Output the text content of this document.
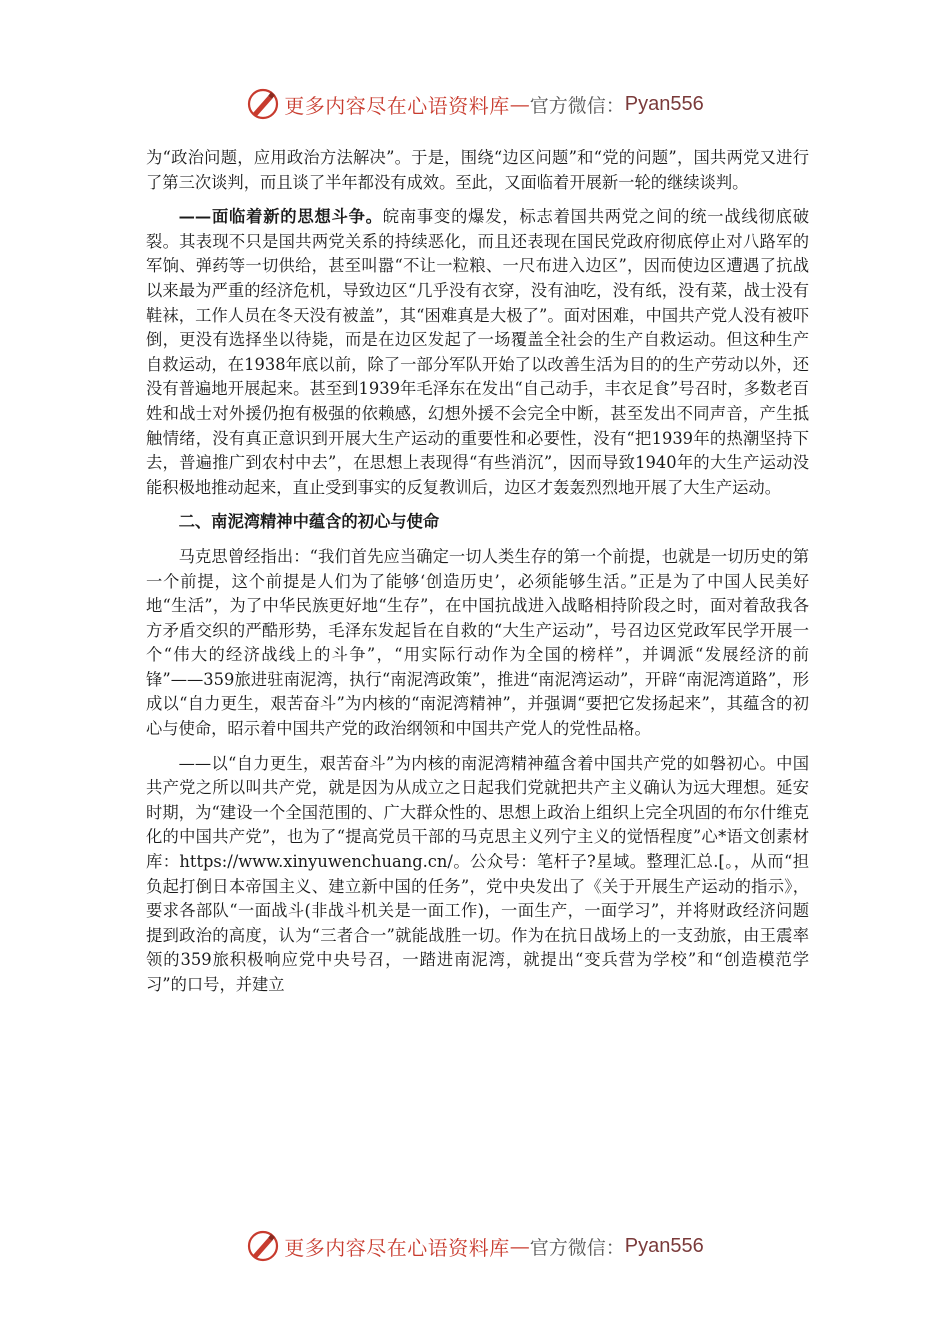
更多内容尽在心语资料库 — 官方微信： Pyan556

为“政治问题，应用政治方法解决”。于是，围绕“边区问题”和“党的问题”，国共两党又进行了第三次谈判，而且谈了半年都没有成效。至此，又面临着开展新一轮的继续谈判。

——面临着新的思想斗争。皖南事变的爆发，标志着国共两党之间的统一战线彻底破裂。其表现不只是国共两党关系的持续恶化，而且还表现在国民党政府彻底停止对八路军的军饷、弹药等一切供给，甚至叫嚣“不让一粒粮、一尺布进入边区”，因而使边区遭遇了抗战以来最为严重的经济危机，导致边区“几乎没有衣穿，没有油吃，没有纸，没有菜，战士没有鞋袜，工作人员在冬天没有被盖”，其“困难真是大极了”。面对困难，中国共产党人没有被吓倒，更没有选择坐以待毙，而是在边区发起了一场覆盖全社会的生产自救运动。但这种生产自救运动，在1938年底以前，除了一部分军队开始了以改善生活为目的的生产劳动以外，还没有普遍地开展起来。甚至到1939年毛泽东在发出“自己动手，丰衣足食”号召时，多数老百姓和战士对外援仍抱有极强的依赖感，幻想外援不会完全中断，甚至发出不同声音，产生抵触情绪，没有真正意识到开展大生产运动的重要性和必要性，没有“把1939年的热潮坚持下去，普遍推广到农村中去”，在思想上表现得“有些消沉”，因而导致1940年的大生产运动没能积极地推动起来，直止受到事实的反复教训后，边区才轰轰烈烈地开展了大生产运动。

二、南泥湾精神中蕴含的初心与使命

马克思曾经指出：“我们首先应当确定一切人类生存的第一个前提，也就是一切历史的第一个前提，这个前提是人们为了能够‘创造历史’，必须能够生活。”正是为了中国人民美好地“生活”，为了中华民族更好地“生存”，在中国抗战进入战略相持阶段之时，面对着敌我各方矛盾交织的严酷形势，毛泽东发起旨在自救的“大生产运动”，号召边区党政军民学开展一个“伟大的经济战线上的斗争”，“用实际行动作为全国的榜样”，并调派“发展经济的前锋”——359旅进驻南泥湾，执行“南泥湾政策”，推进“南泥湾运动”，开辟“南泥湾道路”，形成以“自力更生，艰苦奋斗”为内核的“南泥湾精神”，并强调“要把它发扬起来”，其蕴含的初心与使命，昭示着中国共产党的政治纲领和中国共产党人的党性品格。

——以“自力更生，艰苦奋斗”为内核的南泥湾精神蕴含着中国共产党的如磐初心。中国共产党之所以叫共产党，就是因为从成立之日起我们党就把共产主义确认为远大理想。延安时期，为“建设一个全国范围的、广大群众性的、思想上政治上组织上完全巩固的布尔什维克化的中国共产党”，也为了“提高党员干部的马克思主义列宁主义的觉悟程度”心*语文创素材库：https://www.xinyuwenchuang.cn/。公众号：笔杆子?星域。整理汇总.[。，从而“担负起打倒日本帝国主义、建立新中国的任务”，党中央发出了《关于开展生产运动的指示》，要求各部队“一面战斗(非战斗机关是一面工作)，一面生产，一面学习”，并将财政经济问题提到政治的高度，认为“三者合一”就能战胜一切。作为在抗日战场上的一支劲旅，由王震率领的359旅积极响应党中央号召，一踏进南泥湾，就提出“变兵营为学校”和“创造模范学习”的口号，并建立

更多内容尽在心语资料库 — 官方微信： Pyan556
